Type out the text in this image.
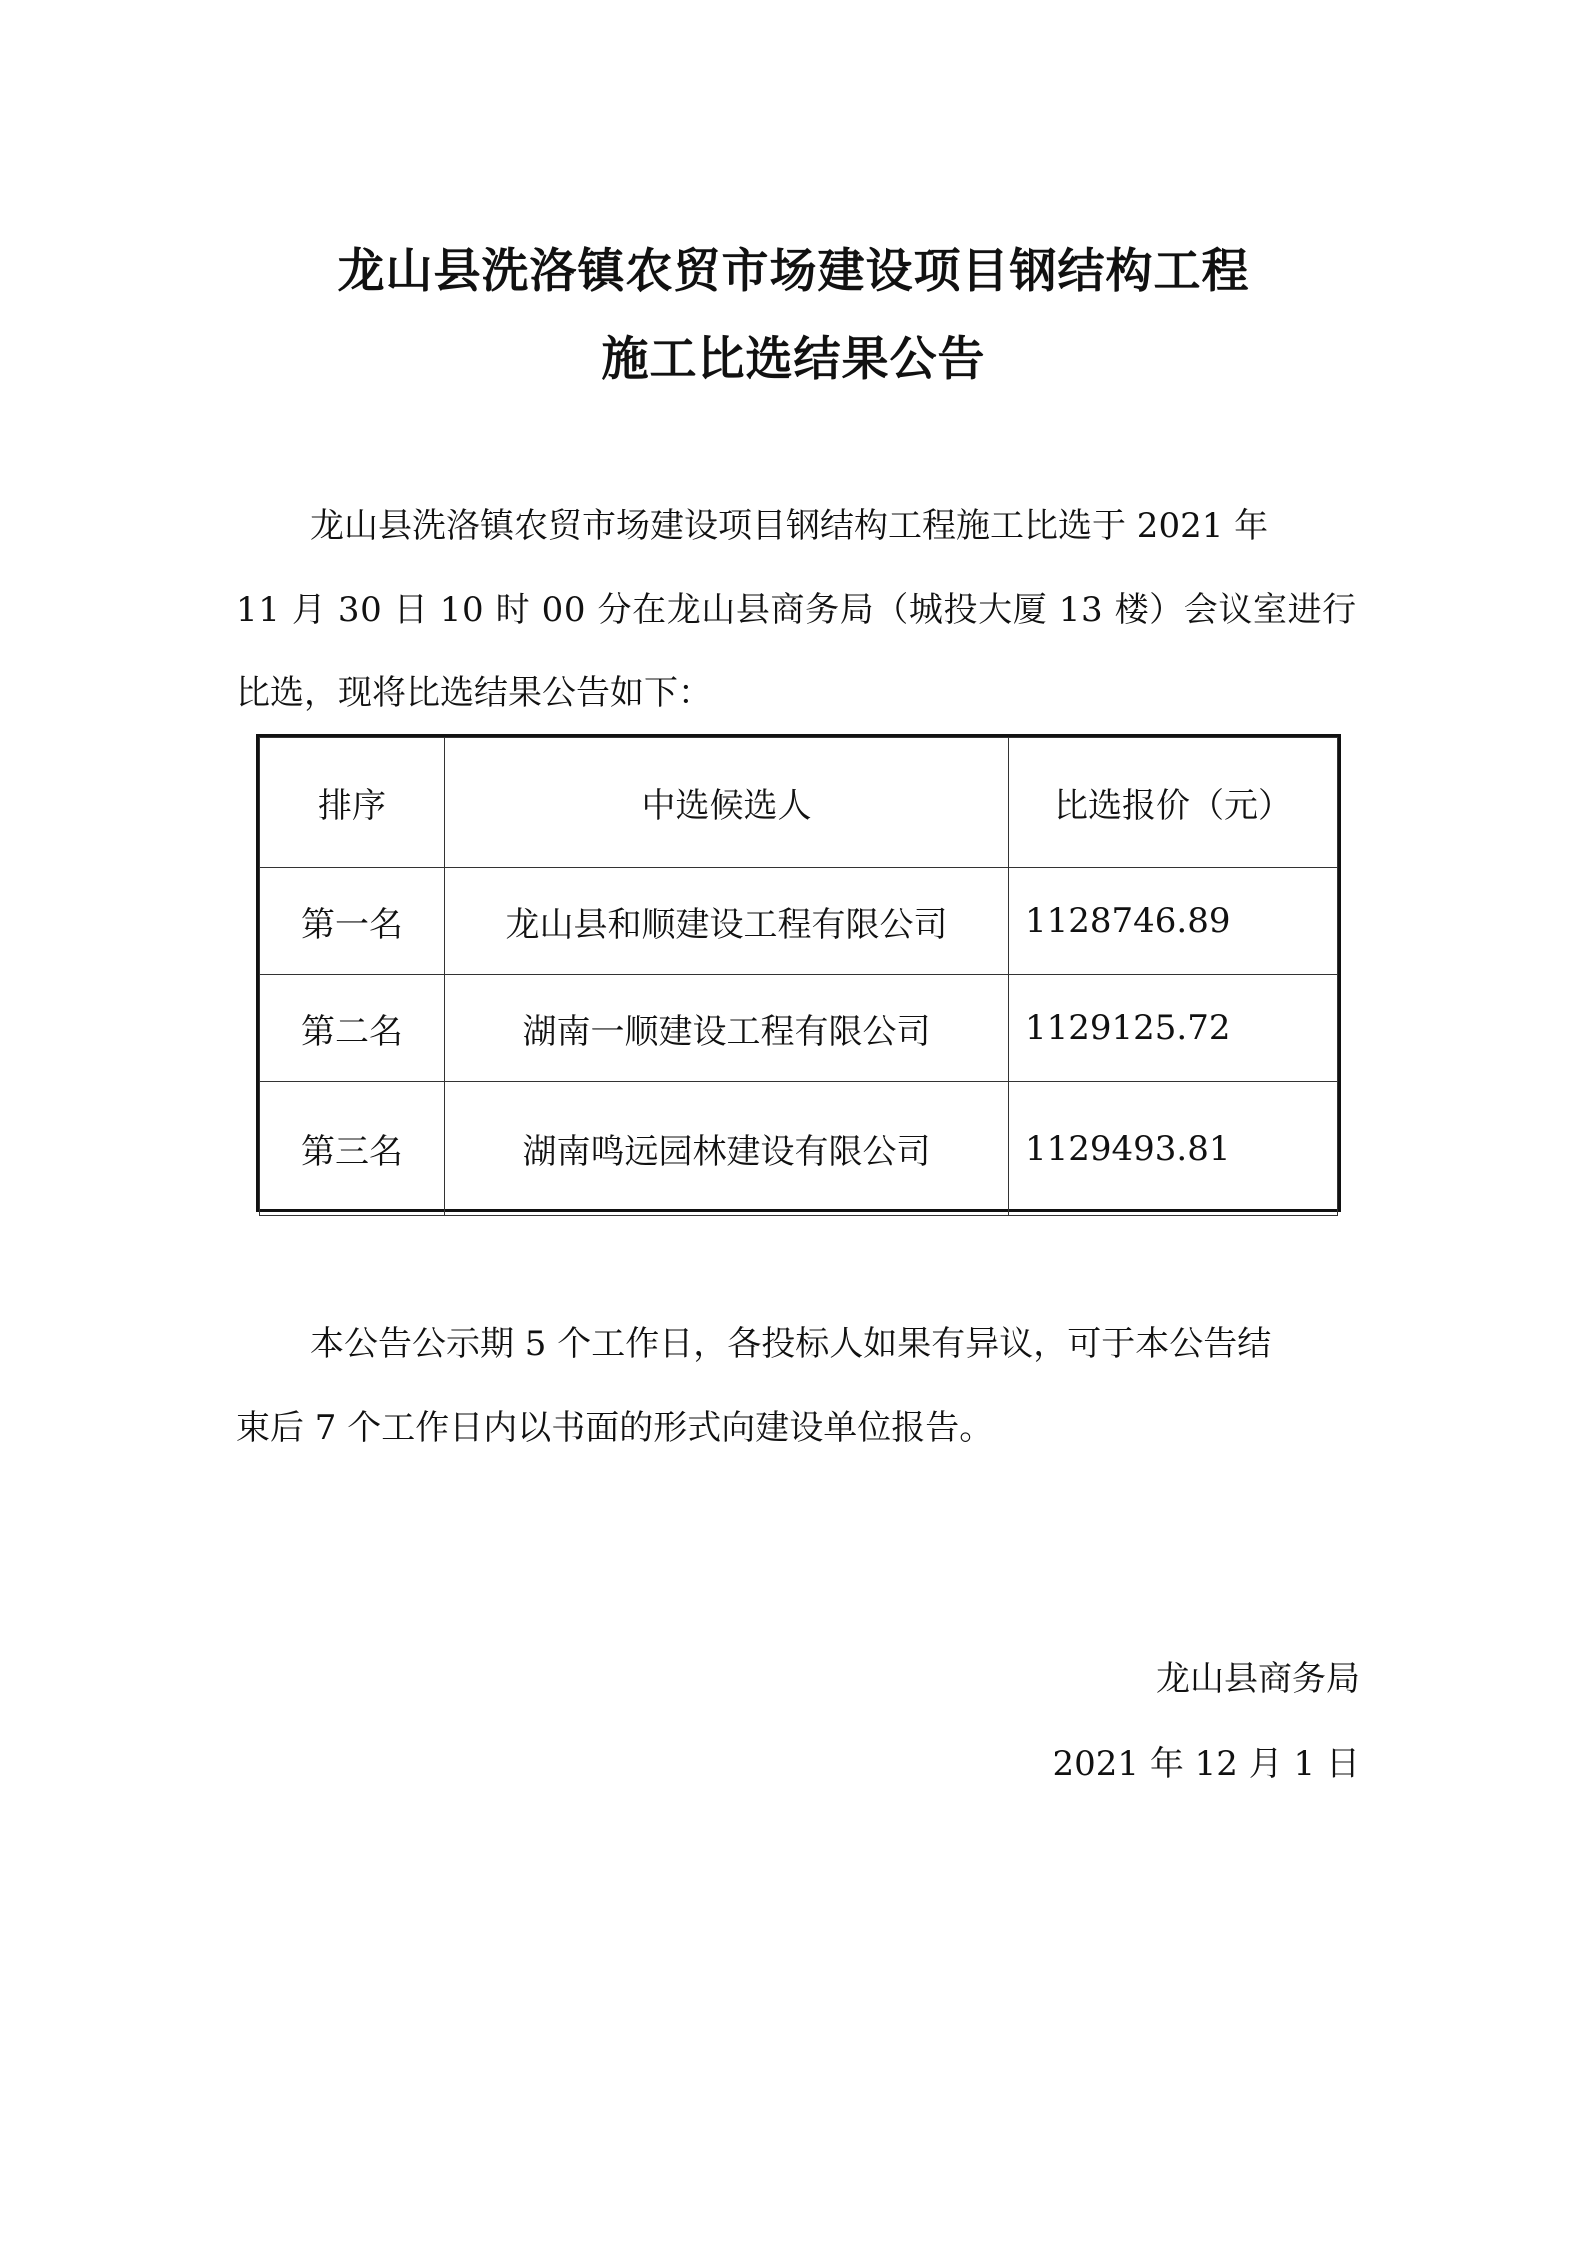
龙山县洗洛镇农贸市场建设项目钢结构工程
施工比选结果公告
龙山县洗洛镇农贸市场建设项目钢结构工程施工比选于 2021 年
11 月 30 日 10 时 00 分在龙山县商务局（城投大厦 13 楼）会议室进行
比选，现将比选结果公告如下：
排序	中选候选人	比选报价（元）
第一名	龙山县和顺建设工程有限公司	1128746.89
第二名	湖南一顺建设工程有限公司	1129125.72
第三名	湖南鸣远园林建设有限公司	1129493.81
本公告公示期 5 个工作日，各投标人如果有异议，可于本公告结
束后 7 个工作日内以书面的形式向建设单位报告。
龙山县商务局
2021 年 12 月 1 日
